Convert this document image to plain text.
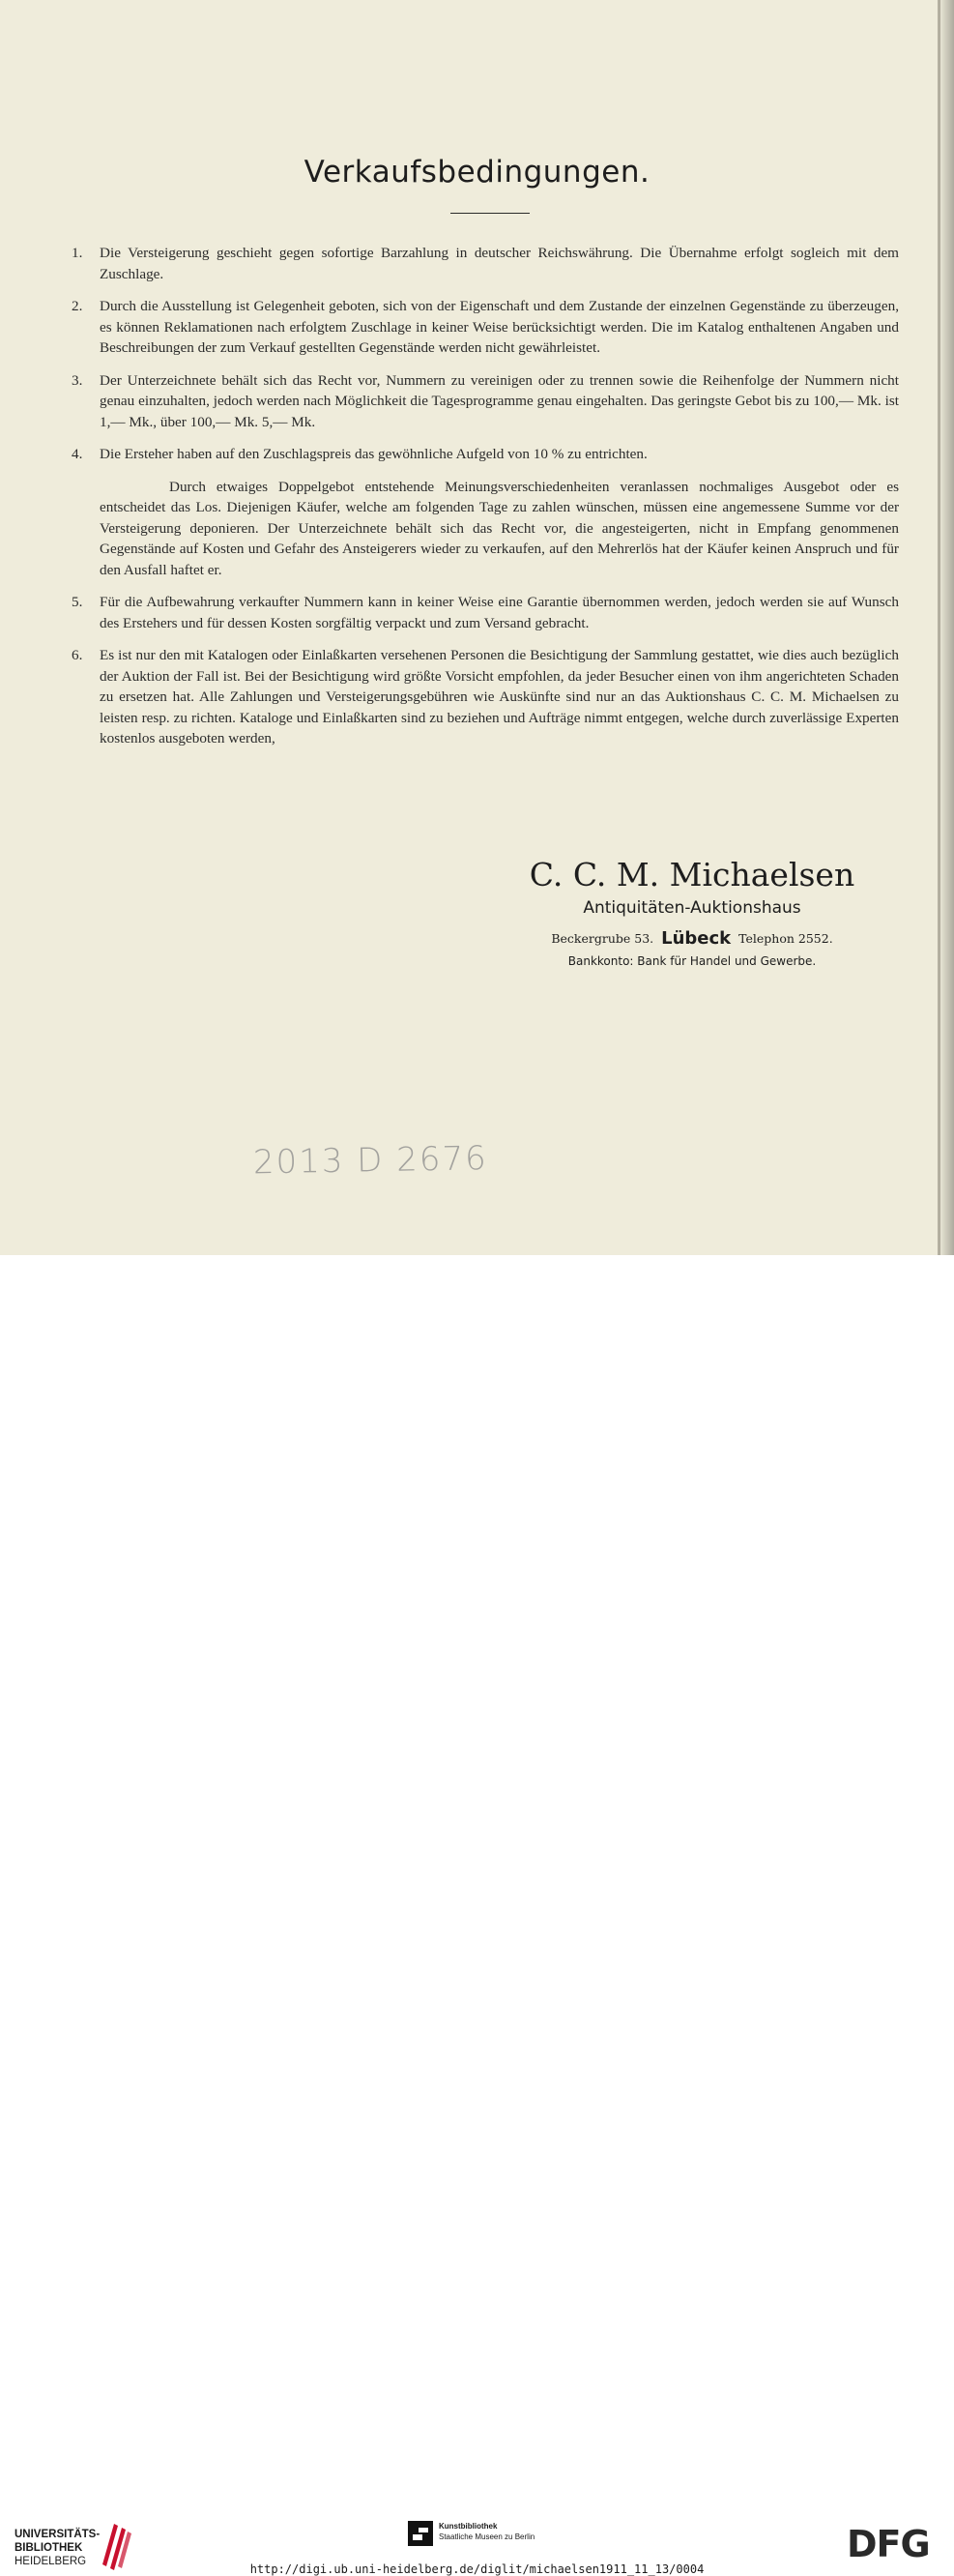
Verkaufsbedingungen.
1.	Die Versteigerung geschieht gegen sofortige Barzahlung in deutscher Reichswährung. Die Übernahme erfolgt sogleich mit dem Zuschlage.
2.	Durch die Ausstellung ist Gelegenheit geboten, sich von der Eigenschaft und dem Zustande der einzelnen Gegenstände zu überzeugen, es können Reklamationen nach erfolgtem Zuschlage in keiner Weise berücksichtigt werden. Die im Katalog enthaltenen Angaben und Beschreibungen der zum Verkauf gestellten Gegenstände werden nicht gewährleistet.
3.	Der Unterzeichnete behält sich das Recht vor, Nummern zu vereinigen oder zu trennen sowie die Reihenfolge der Nummern nicht genau einzuhalten, jedoch werden nach Möglichkeit die Tagesprogramme genau eingehalten. Das geringste Gebot bis zu 100,— Mk. ist 1,— Mk., über 100,— Mk. 5,— Mk.
4.	Die Ersteher haben auf den Zuschlagspreis das gewöhnliche Aufgeld von 10 % zu entrichten.
Durch etwaiges Doppelgebot entstehende Meinungsverschiedenheiten veranlassen nochmaliges Ausgebot oder es entscheidet das Los. Diejenigen Käufer, welche am folgenden Tage zu zahlen wünschen, müssen eine angemessene Summe vor der Versteigerung deponieren. Der Unterzeichnete behält sich das Recht vor, die angesteigerten, nicht in Empfang genommenen Gegenstände auf Kosten und Gefahr des Ansteigerers wieder zu verkaufen, auf den Mehrerlös hat der Käufer keinen Anspruch und für den Ausfall haftet er.
5.	Für die Aufbewahrung verkaufter Nummern kann in keiner Weise eine Garantie übernommen werden, jedoch werden sie auf Wunsch des Erstehers und für dessen Kosten sorgfältig verpackt und zum Versand gebracht.
6.	Es ist nur den mit Katalogen oder Einlaßkarten versehenen Personen die Besichtigung der Sammlung gestattet, wie dies auch bezüglich der Auktion der Fall ist. Bei der Besichtigung wird größte Vorsicht empfohlen, da jeder Besucher einen von ihm angerichteten Schaden zu ersetzen hat. Alle Zahlungen und Versteigerungsgebühren wie Auskünfte sind nur an das Auktionshaus C. C. M. Michaelsen zu leisten resp. zu richten. Kataloge und Einlaßkarten sind zu beziehen und Aufträge nimmt entgegen, welche durch zuverlässige Experten kostenlos ausgeboten werden,
C. C. M. Michaelsen
Antiquitäten-Auktionshaus
Beckergrube 53. Lübeck Telephon 2552.
Bankkonto: Bank für Handel und Gewerbe.
2013 D 2676
UNIVERSITÄTS-
BIBLIOTHEK
HEIDELBERG
Kunstbibliothek
Staatliche Museen zu Berlin	DFG
http://digi.ub.uni-heidelberg.de/diglit/michaelsen1911_11_13/0004
